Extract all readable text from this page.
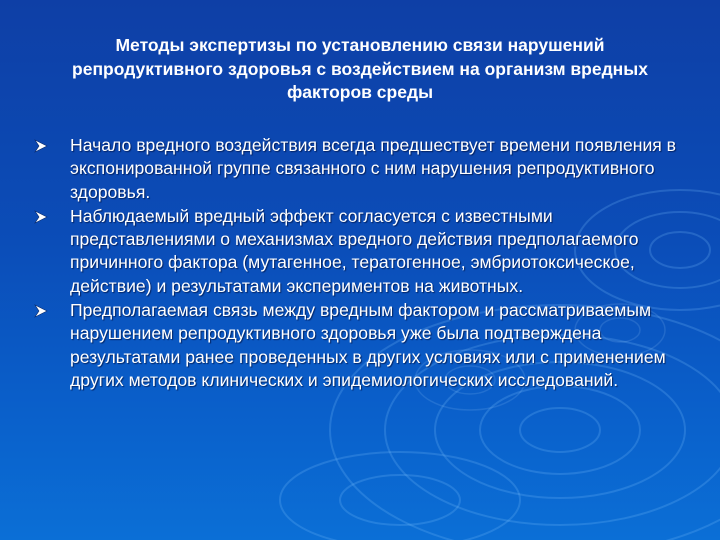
Методы экспертизы по установлению связи нарушений репродуктивного здоровья с воздействием на организм вредных факторов среды
Начало вредного воздействия всегда предшествует времени появления в экспонированной группе связанного с ним нарушения репродуктивного здоровья.
Наблюдаемый вредный эффект согласуется с известными представлениями о механизмах вредного действия предполагаемого причинного фактора (мутагенное, тератогенное, эмбриотоксическое, действие) и результатами экспериментов на животных.
Предполагаемая связь между вредным фактором и рассматриваемым нарушением репродуктивного здоровья уже была подтверждена результатами ранее проведенных в других условиях или с применением других методов клинических и эпидемиологических исследований.
